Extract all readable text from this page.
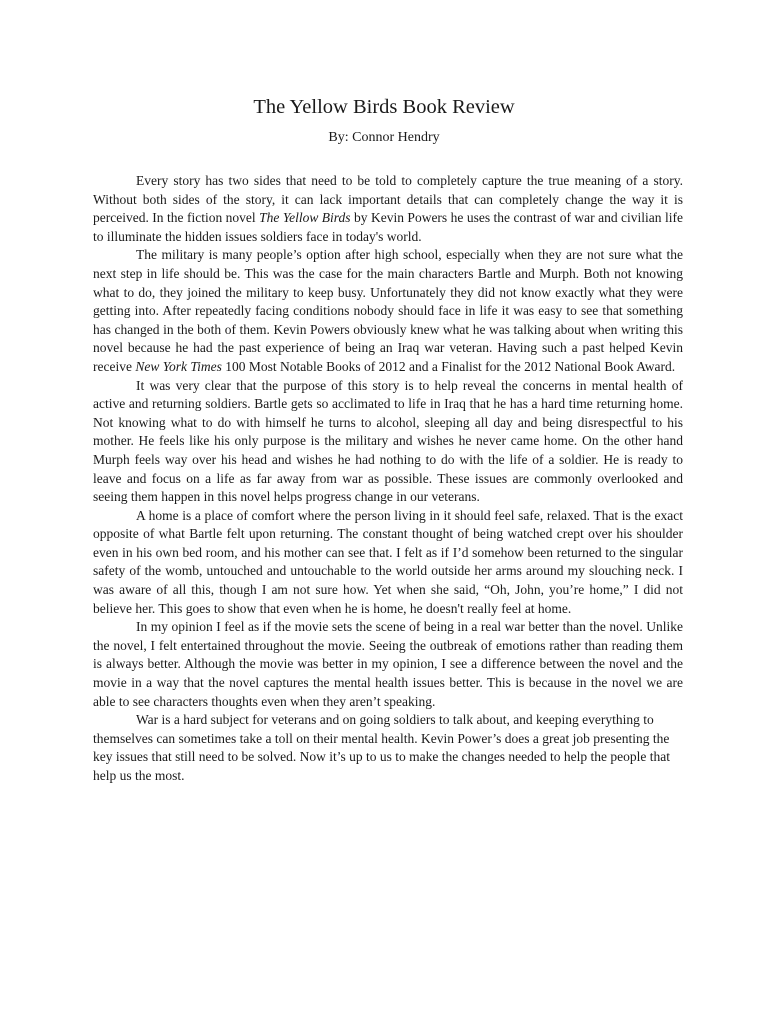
The Yellow Birds Book Review
By: Connor Hendry

Every story has two sides that need to be told to completely capture the true meaning of a story. Without both sides of the story, it can lack important details that can completely change the way it is perceived. In the fiction novel The Yellow Birds by Kevin Powers he uses the contrast of war and civilian life to illuminate the hidden issues soldiers face in today's world.

The military is many people’s option after high school, especially when they are not sure what the next step in life should be. This was the case for the main characters Bartle and Murph. Both not knowing what to do, they joined the military to keep busy. Unfortunately they did not know exactly what they were getting into. After repeatedly facing conditions nobody should face in life it was easy to see that something has changed in the both of them. Kevin Powers obviously knew what he was talking about when writing this novel because he had the past experience of being an Iraq war veteran. Having such a past helped Kevin receive New York Times 100 Most Notable Books of 2012 and a Finalist for the 2012 National Book Award.

It was very clear that the purpose of this story is to help reveal the concerns in mental health of active and returning soldiers. Bartle gets so acclimated to life in Iraq that he has a hard time returning home. Not knowing what to do with himself he turns to alcohol, sleeping all day and being disrespectful to his mother. He feels like his only purpose is the military and wishes he never came home. On the other hand Murph feels way over his head and wishes he had nothing to do with the life of a soldier. He is ready to leave and focus on a life as far away from war as possible. These issues are commonly overlooked and seeing them happen in this novel helps progress change in our veterans.

A home is a place of comfort where the person living in it should feel safe, relaxed. That is the exact opposite of what Bartle felt upon returning. The constant thought of being watched crept over his shoulder even in his own bed room, and his mother can see that. I felt as if I’d somehow been returned to the singular safety of the womb, untouched and untouchable to the world outside her arms around my slouching neck. I was aware of all this, though I am not sure how. Yet when she said, “Oh, John, you’re home,” I did not believe her. This goes to show that even when he is home, he doesn't really feel at home.

In my opinion I feel as if the movie sets the scene of being in a real war better than the novel. Unlike the novel, I felt entertained throughout the movie. Seeing the outbreak of emotions rather than reading them is always better. Although the movie was better in my opinion, I see a difference between the novel and the movie in a way that the novel captures the mental health issues better. This is because in the novel we are able to see characters thoughts even when they aren’t speaking.

War is a hard subject for veterans and on going soldiers to talk about, and keeping everything to themselves can sometimes take a toll on their mental health. Kevin Power’s does a great job presenting the key issues that still need to be solved. Now it’s up to us to make the changes needed to help the people that help us the most.
